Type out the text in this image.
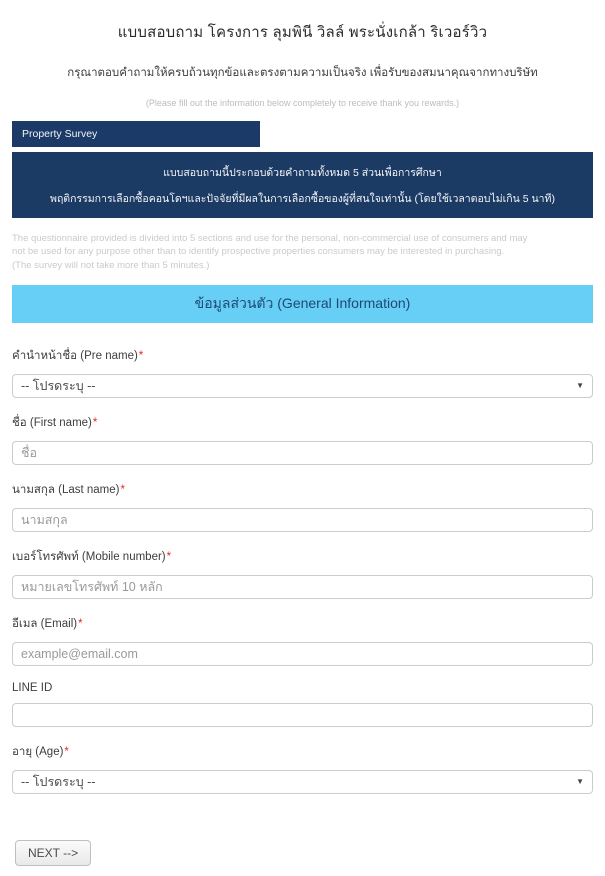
แบบสอบถาม โครงการ ลุมพินี วิลล์ พระนั่งเกล้า ริเวอร์วิว
กรุณาตอบคำถามให้ครบถ้วนทุกข้อและตรงตามความเป็นจริง เพื่อรับของสมนาคุณจากทางบริษัท
(Please fill out the information below completely to receive thank you rewards.)
Property Survey
แบบสอบถามนี้ประกอบด้วยคำถามทั้งหมด 5 ส่วนเพื่อการศึกษา
พฤติกรรมการเลือกซื้อคอนโดฯและปัจจัยที่มีผลในการเลือกซื้อของผู้ที่สนใจเท่านั้น (โดยใช้เวลาตอบไม่เกิน 5 นาที)
The questionnaire provided is divided into 5 sections and use for the personal, non-commercial use of consumers and may
not be used for any purpose other than to identify prospective properties consumers may be interested in purchasing.
(The survey will not take more than 5 minutes.)
ข้อมูลส่วนตัว (General Information)
คำนำหน้าชื่อ (Pre name)*
-- โปรดระบุ --	▼
ชื่อ (First name)*
ชื่อ
นามสกุล (Last name)*
นามสกุล
เบอร์โทรศัพท์ (Mobile number)*
หมายเลขโทรศัพท์ 10 หลัก
อีเมล (Email)*
example@email.com
LINE ID
อายุ (Age)*
-- โปรดระบุ --	▼
NEXT -->
